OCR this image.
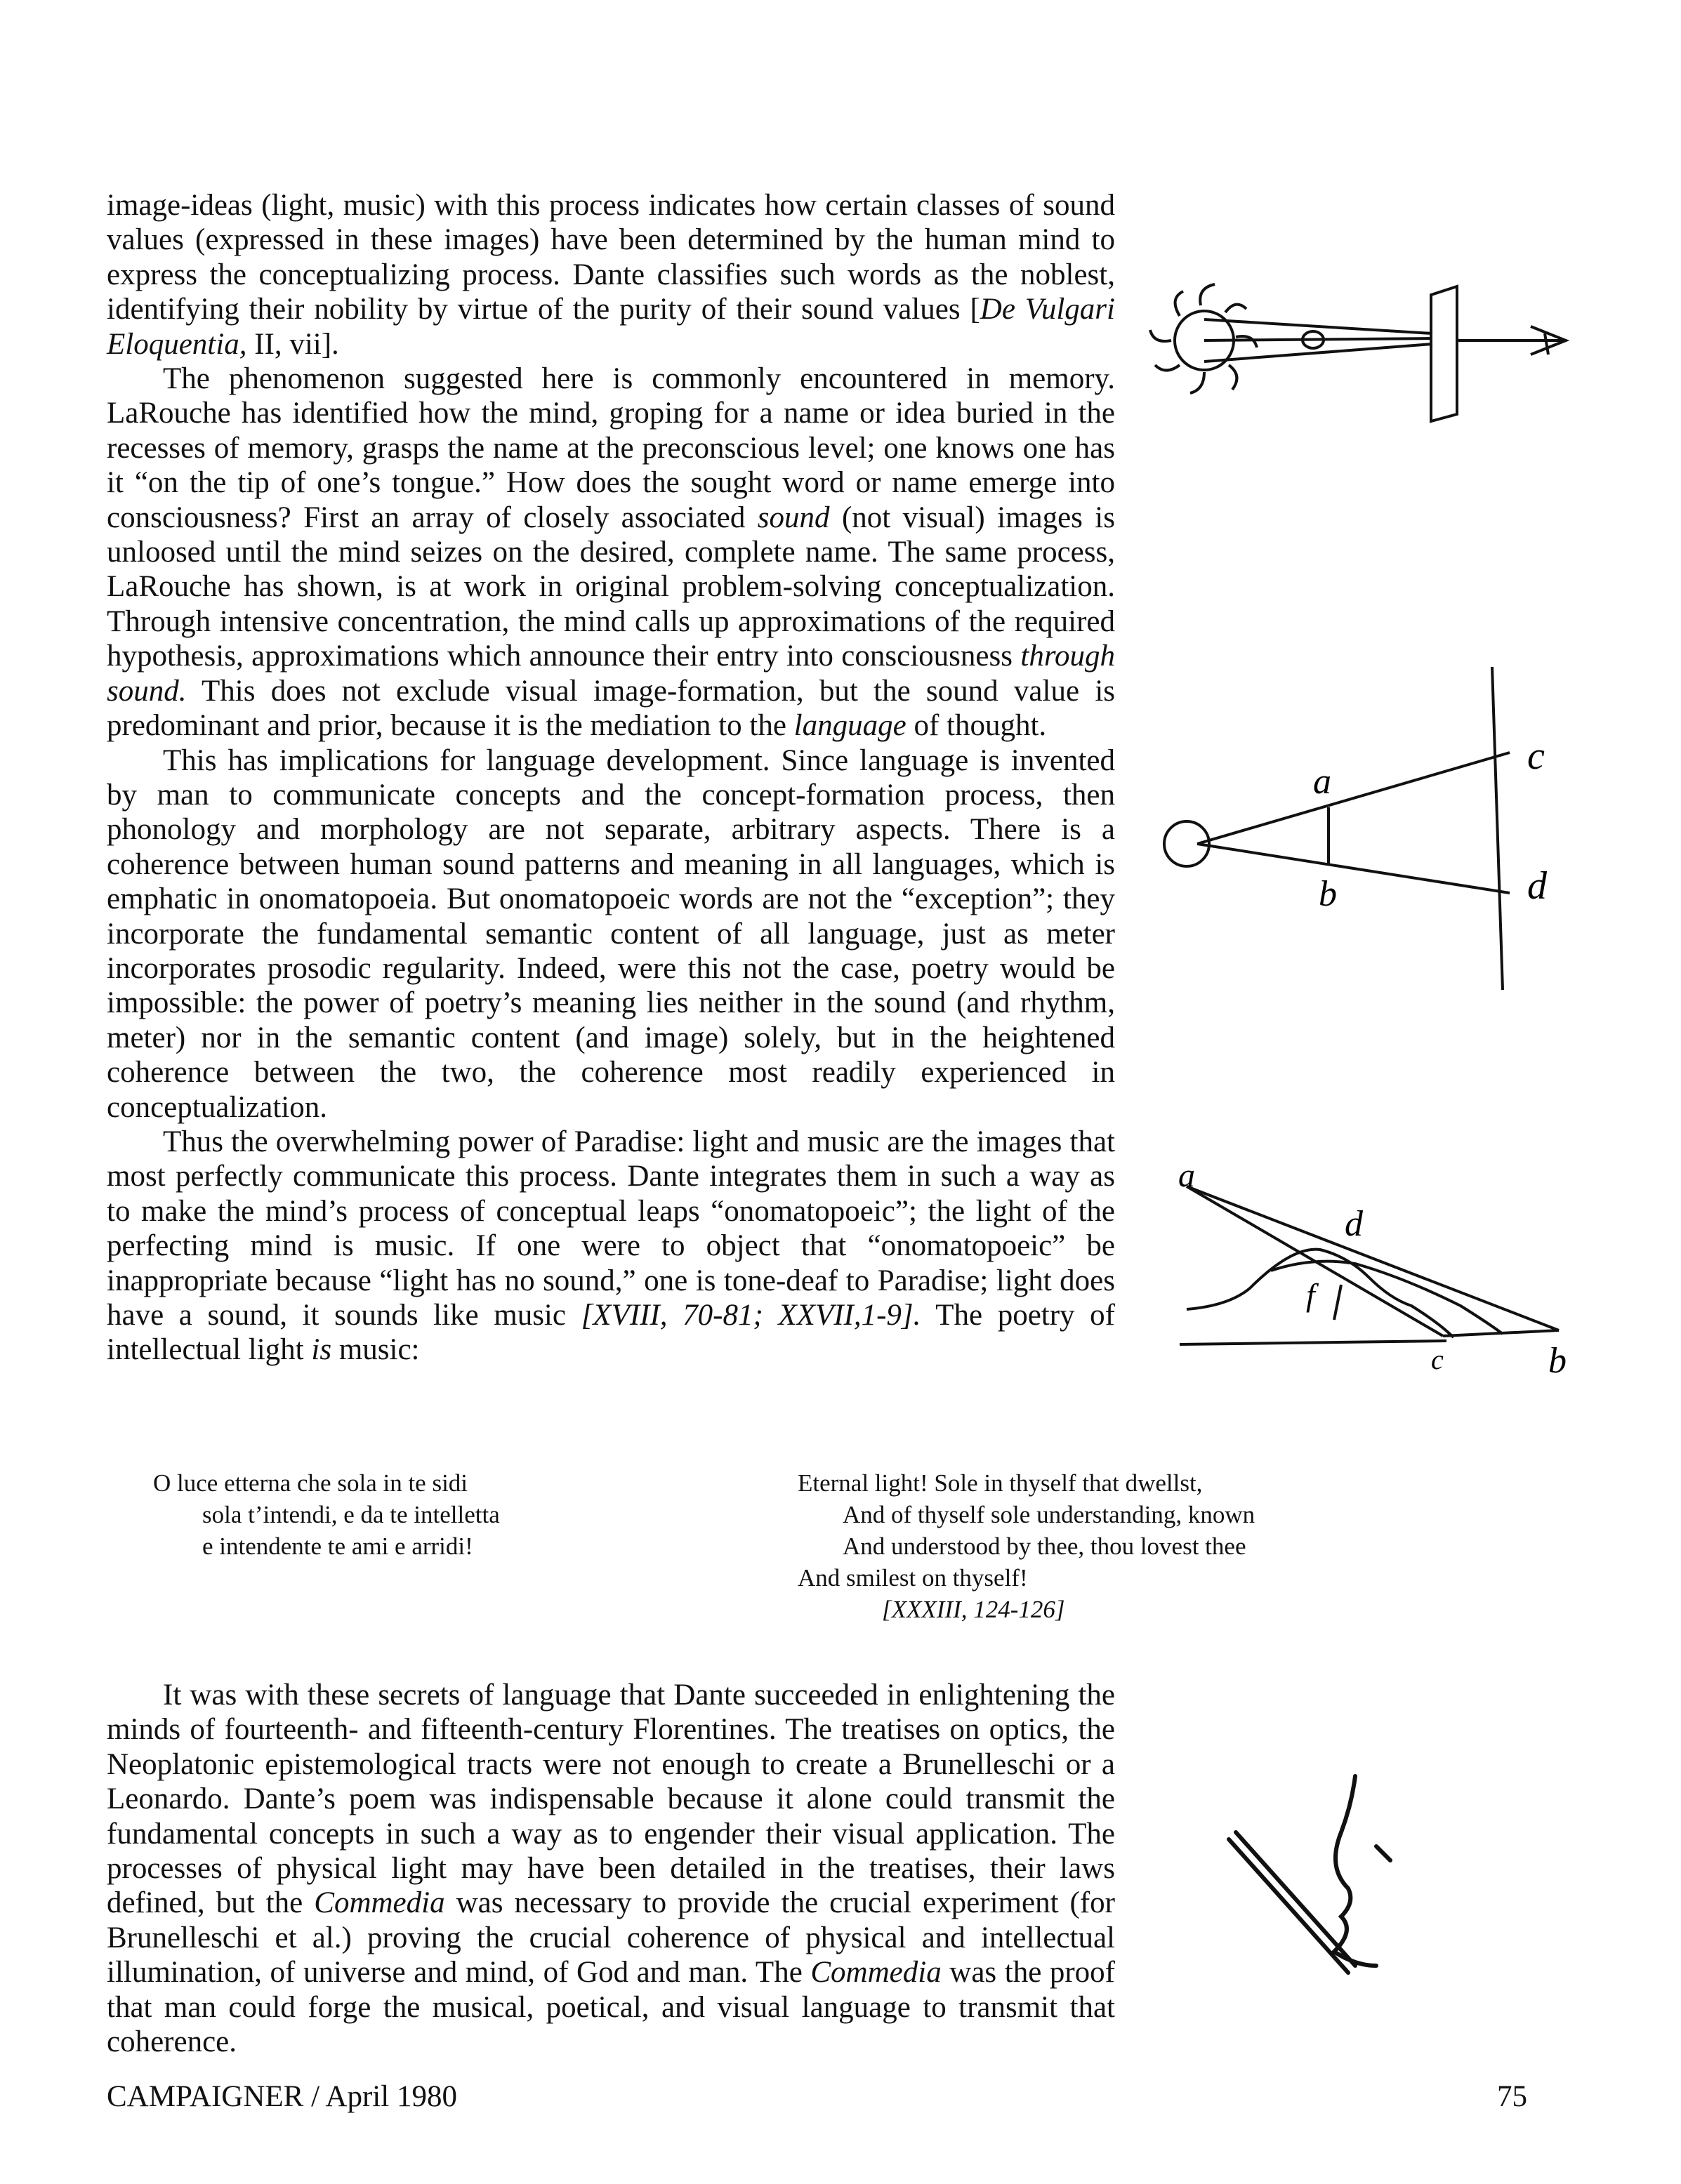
image-ideas (light, music) with this process indicates how certain classes of sound values (expressed in these images) have been determined by the human mind to express the conceptualizing process. Dante classifies such words as the noblest, identifying their nobility by virtue of the purity of their sound values [De Vulgari Eloquentia, II, vii].

The phenomenon suggested here is commonly encountered in memory. LaRouche has identified how the mind, groping for a name or idea buried in the recesses of memory, grasps the name at the preconscious level; one knows one has it “on the tip of one’s tongue.” How does the sought word or name emerge into consciousness? First an array of closely associated sound (not visual) images is unloosed until the mind seizes on the desired, complete name. The same process, LaRouche has shown, is at work in original problem-solving conceptualization. Through intensive concentration, the mind calls up approximations of the required hypothesis, approximations which announce their entry into consciousness through sound. This does not exclude visual image-formation, but the sound value is predominant and prior, because it is the mediation to the language of thought.

This has implications for language development. Since language is invented by man to communicate concepts and the concept-formation process, then phonology and morphology are not separate, arbitrary aspects. There is a coherence between human sound patterns and meaning in all languages, which is emphatic in onomatopoeia. But onomatopoeic words are not the “exception”; they incorporate the fundamental semantic content of all language, just as meter incorporates prosodic regularity. Indeed, were this not the case, poetry would be impossible: the power of poetry’s meaning lies neither in the sound (and rhythm, meter) nor in the semantic content (and image) solely, but in the heightened coherence between the two, the coherence most readily experienced in conceptualization.

Thus the overwhelming power of Paradise: light and music are the images that most perfectly communicate this process. Dante integrates them in such a way as to make the mind’s process of conceptual leaps “onomatopoeic”; the light of the perfecting mind is music. If one were to object that “onomatopoeic” be inappropriate because “light has no sound,” one is tone-deaf to Paradise; light does have a sound, it sounds like music [XVIII, 70-81; XXVII,1-9]. The poetry of intellectual light is music:

O luce etterna che sola in te sidi
sola t’intendi, e da te intelletta
e intendente te ami e arridi!
Eternal light! Sole in thyself that dwellst,
And of thyself sole understanding, known
And understood by thee, thou lovest thee
And smilest on thyself!
[XXXIII, 124-126]

It was with these secrets of language that Dante succeeded in enlightening the minds of fourteenth- and fifteenth-century Florentines. The treatises on optics, the Neoplatonic epistemological tracts were not enough to create a Brunelleschi or a Leonardo. Dante’s poem was indispensable because it alone could transmit the fundamental concepts in such a way as to engender their visual application. The processes of physical light may have been detailed in the treatises, their laws defined, but the Commedia was necessary to provide the crucial experiment (for Brunelleschi et al.) proving the crucial coherence of physical and intellectual illumination, of universe and mind, of God and man. The Commedia was the proof that man could forge the musical, poetical, and visual language to transmit that coherence.

a
b
c
d
a
d
f
c	b
CAMPAIGNER / April 1980	75
